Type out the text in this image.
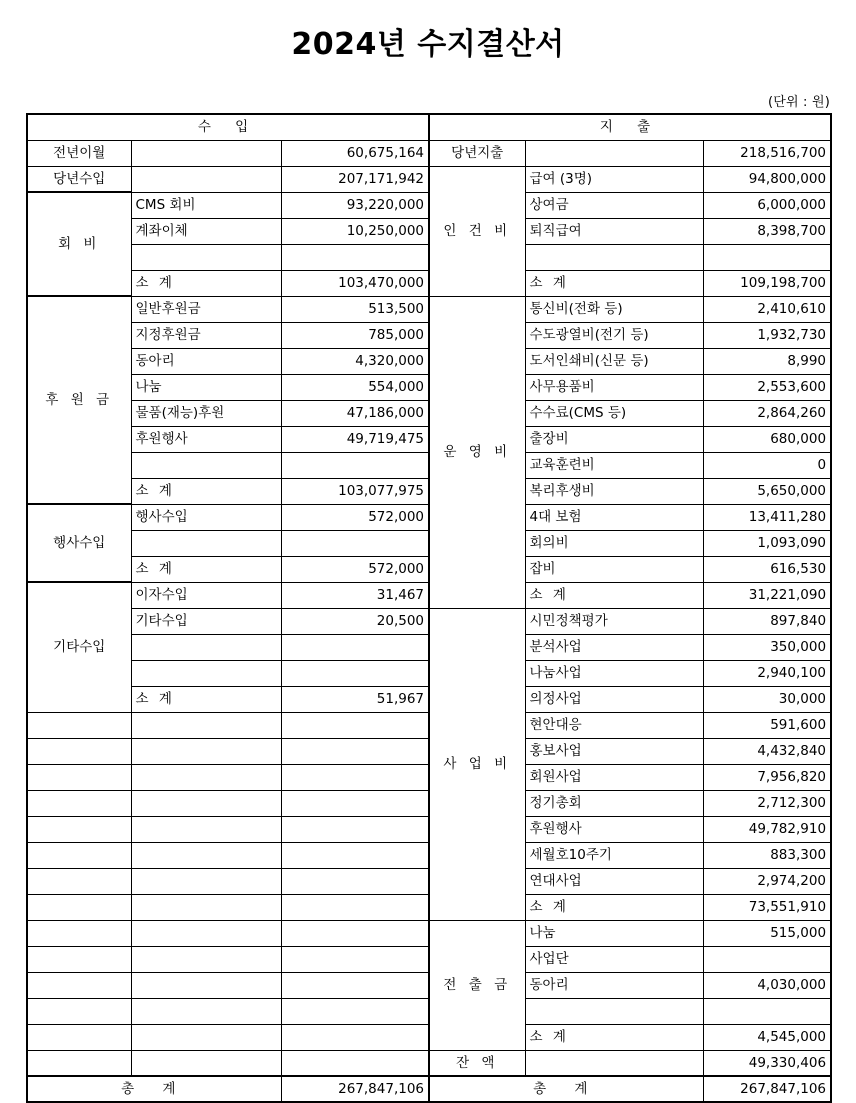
2024년 수지결산서
(단위 : 원)
수 입			지 출		
전년이월		60,675,164	당년지출		218,516,700
당년수입		207,171,942	인 건 비	급여 (3명)	94,800,000
회 비	CMS 회비	93,220,000		상여금	6,000,000
	계좌이체	10,250,000		퇴직급여	8,398,700

	소 계	103,470,000		소 계	109,198,700
후 원 금	일반후원금	513,500	운 영 비	통신비(전화 등)	2,410,610
	지정후원금	785,000		수도광열비(전기 등)	1,932,730
	동아리	4,320,000		도서인쇄비(신문 등)	8,990
	나눔	554,000		사무용품비	2,553,600
	물품(재능)후원	47,186,000		수수료(CMS 등)	2,864,260
	후원행사	49,719,475		출장비	680,000
				교육훈련비	0
	소 계	103,077,975		복리후생비	5,650,000
행사수입	행사수입	572,000		4대 보험	13,411,280
				회의비	1,093,090
	소 계	572,000		잡비	616,530
기타수입	이자수입	31,467		소 계	31,221,090
	기타수입	20,500	사 업 비	시민정책평가	897,840
				분석사업	350,000
				나눔사업	2,940,100
	소 계	51,967		의정사업	30,000
				현안대응	591,600
				홍보사업	4,432,840
				회원사업	7,956,820
				정기총회	2,712,300
				후원행사	49,782,910
				세월호10주기	883,300
				연대사업	2,974,200
				소 계	73,551,910
			전 출 금	나눔	515,000
				사업단	
				동아리	4,030,000

				소 계	4,545,000
			잔 액		49,330,406
총 계		267,847,106	총 계		267,847,106
